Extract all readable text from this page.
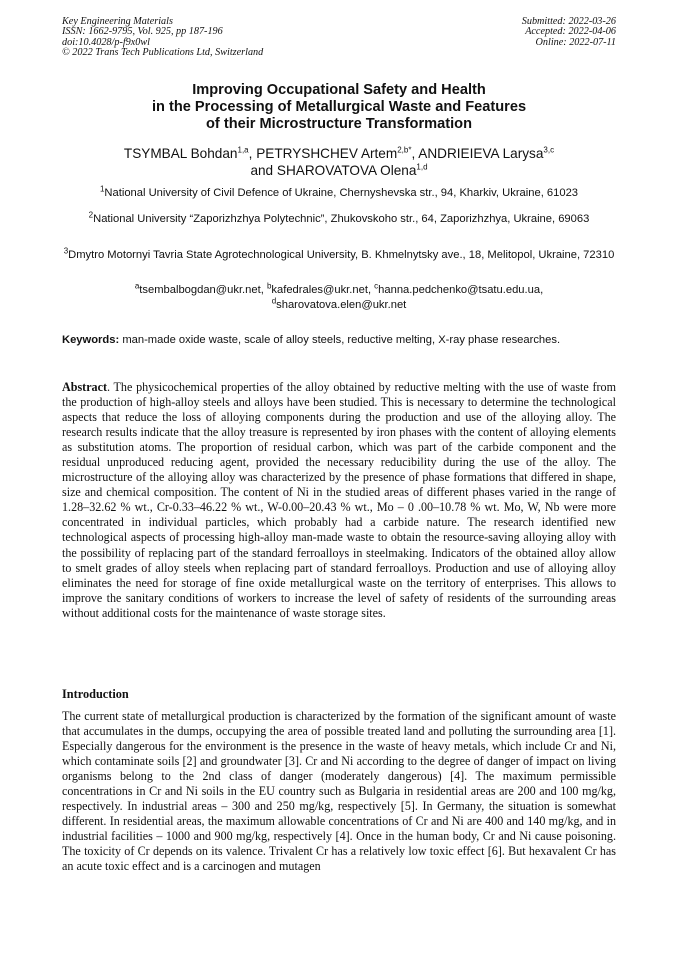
Key Engineering Materials
ISSN: 1662-9795, Vol. 925, pp 187-196
doi:10.4028/p-f9x0wl
© 2022 Trans Tech Publications Ltd, Switzerland
Submitted: 2022-03-26
Accepted: 2022-04-06
Online: 2022-07-11
Improving Occupational Safety and Health
in the Processing of Metallurgical Waste and Features
of their Microstructure Transformation
TSYMBAL Bohdan$^{1,a}$, PETRYSHCHEV Artem$^{2,b*}$, ANDRIEIEVA Larysa$^{3,c}$
and SHAROVATOVA Olena$^{1,d}$
$^1$National University of Civil Defence of Ukraine, Chernyshevska str., 94, Kharkiv, Ukraine, 61023
$^2$National University “Zaporizhzhya Polytechnic”, Zhukovskoho str., 64, Zaporizhzhya, Ukraine, 69063
$^3$Dmytro Motornyi Tavria State Agrotechnological University, B. Khmelnytsky ave., 18, Melitopol, Ukraine, 72310
$^a$tsembalbogdan@ukr.net, $^b$kafedrales@ukr.net, $^c$hanna.pedchenko@tsatu.edu.ua, $^d$sharovatova.elen@ukr.net
Keywords: man-made oxide waste, scale of alloy steels, reductive melting, X-ray phase researches.
Abstract. The physicochemical properties of the alloy obtained by reductive melting with the use of waste from the production of high-alloy steels and alloys have been studied. This is necessary to determine the technological aspects that reduce the loss of alloying components during the production and use of the alloying alloy. The research results indicate that the alloy treasure is represented by iron phases with the content of alloying elements as substitution atoms. The proportion of residual carbon, which was part of the carbide component and the residual unproduced reducing agent, provided the necessary reducibility during the use of the alloy. The microstructure of the alloying alloy was characterized by the presence of phase formations that differed in shape, size and chemical composition. The content of Ni in the studied areas of different phases varied in the range of 1.28–32.62 % wt., Cr-0.33–46.22 % wt., W-0.00–20.43 % wt., Mo – 0 .00–10.78 % wt. Mo, W, Nb were more concentrated in individual particles, which probably had a carbide nature. The research identified new technological aspects of processing high-alloy man-made waste to obtain the resource-saving alloying alloy with the possibility of replacing part of the standard ferroalloys in steelmaking. Indicators of the obtained alloy allow to smelt grades of alloy steels when replacing part of standard ferroalloys. Production and use of alloying alloy eliminates the need for storage of fine oxide metallurgical waste on the territory of enterprises. This allows to improve the sanitary conditions of workers to increase the level of safety of residents of the surrounding areas without additional costs for the maintenance of waste storage sites.
Introduction
The current state of metallurgical production is characterized by the formation of the significant amount of waste that accumulates in the dumps, occupying the area of possible treated land and polluting the surrounding area [1]. Especially dangerous for the environment is the presence in the waste of heavy metals, which include Cr and Ni, which contaminate soils [2] and groundwater [3]. Cr and Ni according to the degree of danger of impact on living organisms belong to the 2nd class of danger (moderately dangerous) [4]. The maximum permissible concentrations in Cr and Ni soils in the EU country such as Bulgaria in residential areas are 200 and 100 mg/kg, respectively. In industrial areas – 300 and 250 mg/kg, respectively [5]. In Germany, the situation is somewhat different. In residential areas, the maximum allowable concentrations of Cr and Ni are 400 and 140 mg/kg, and in industrial facilities – 1000 and 900 mg/kg, respectively [4]. Once in the human body, Cr and Ni cause poisoning. The toxicity of Cr depends on its valence. Trivalent Cr has a relatively low toxic effect [6]. But hexavalent Cr has an acute toxic effect and is a carcinogen and mutagen
